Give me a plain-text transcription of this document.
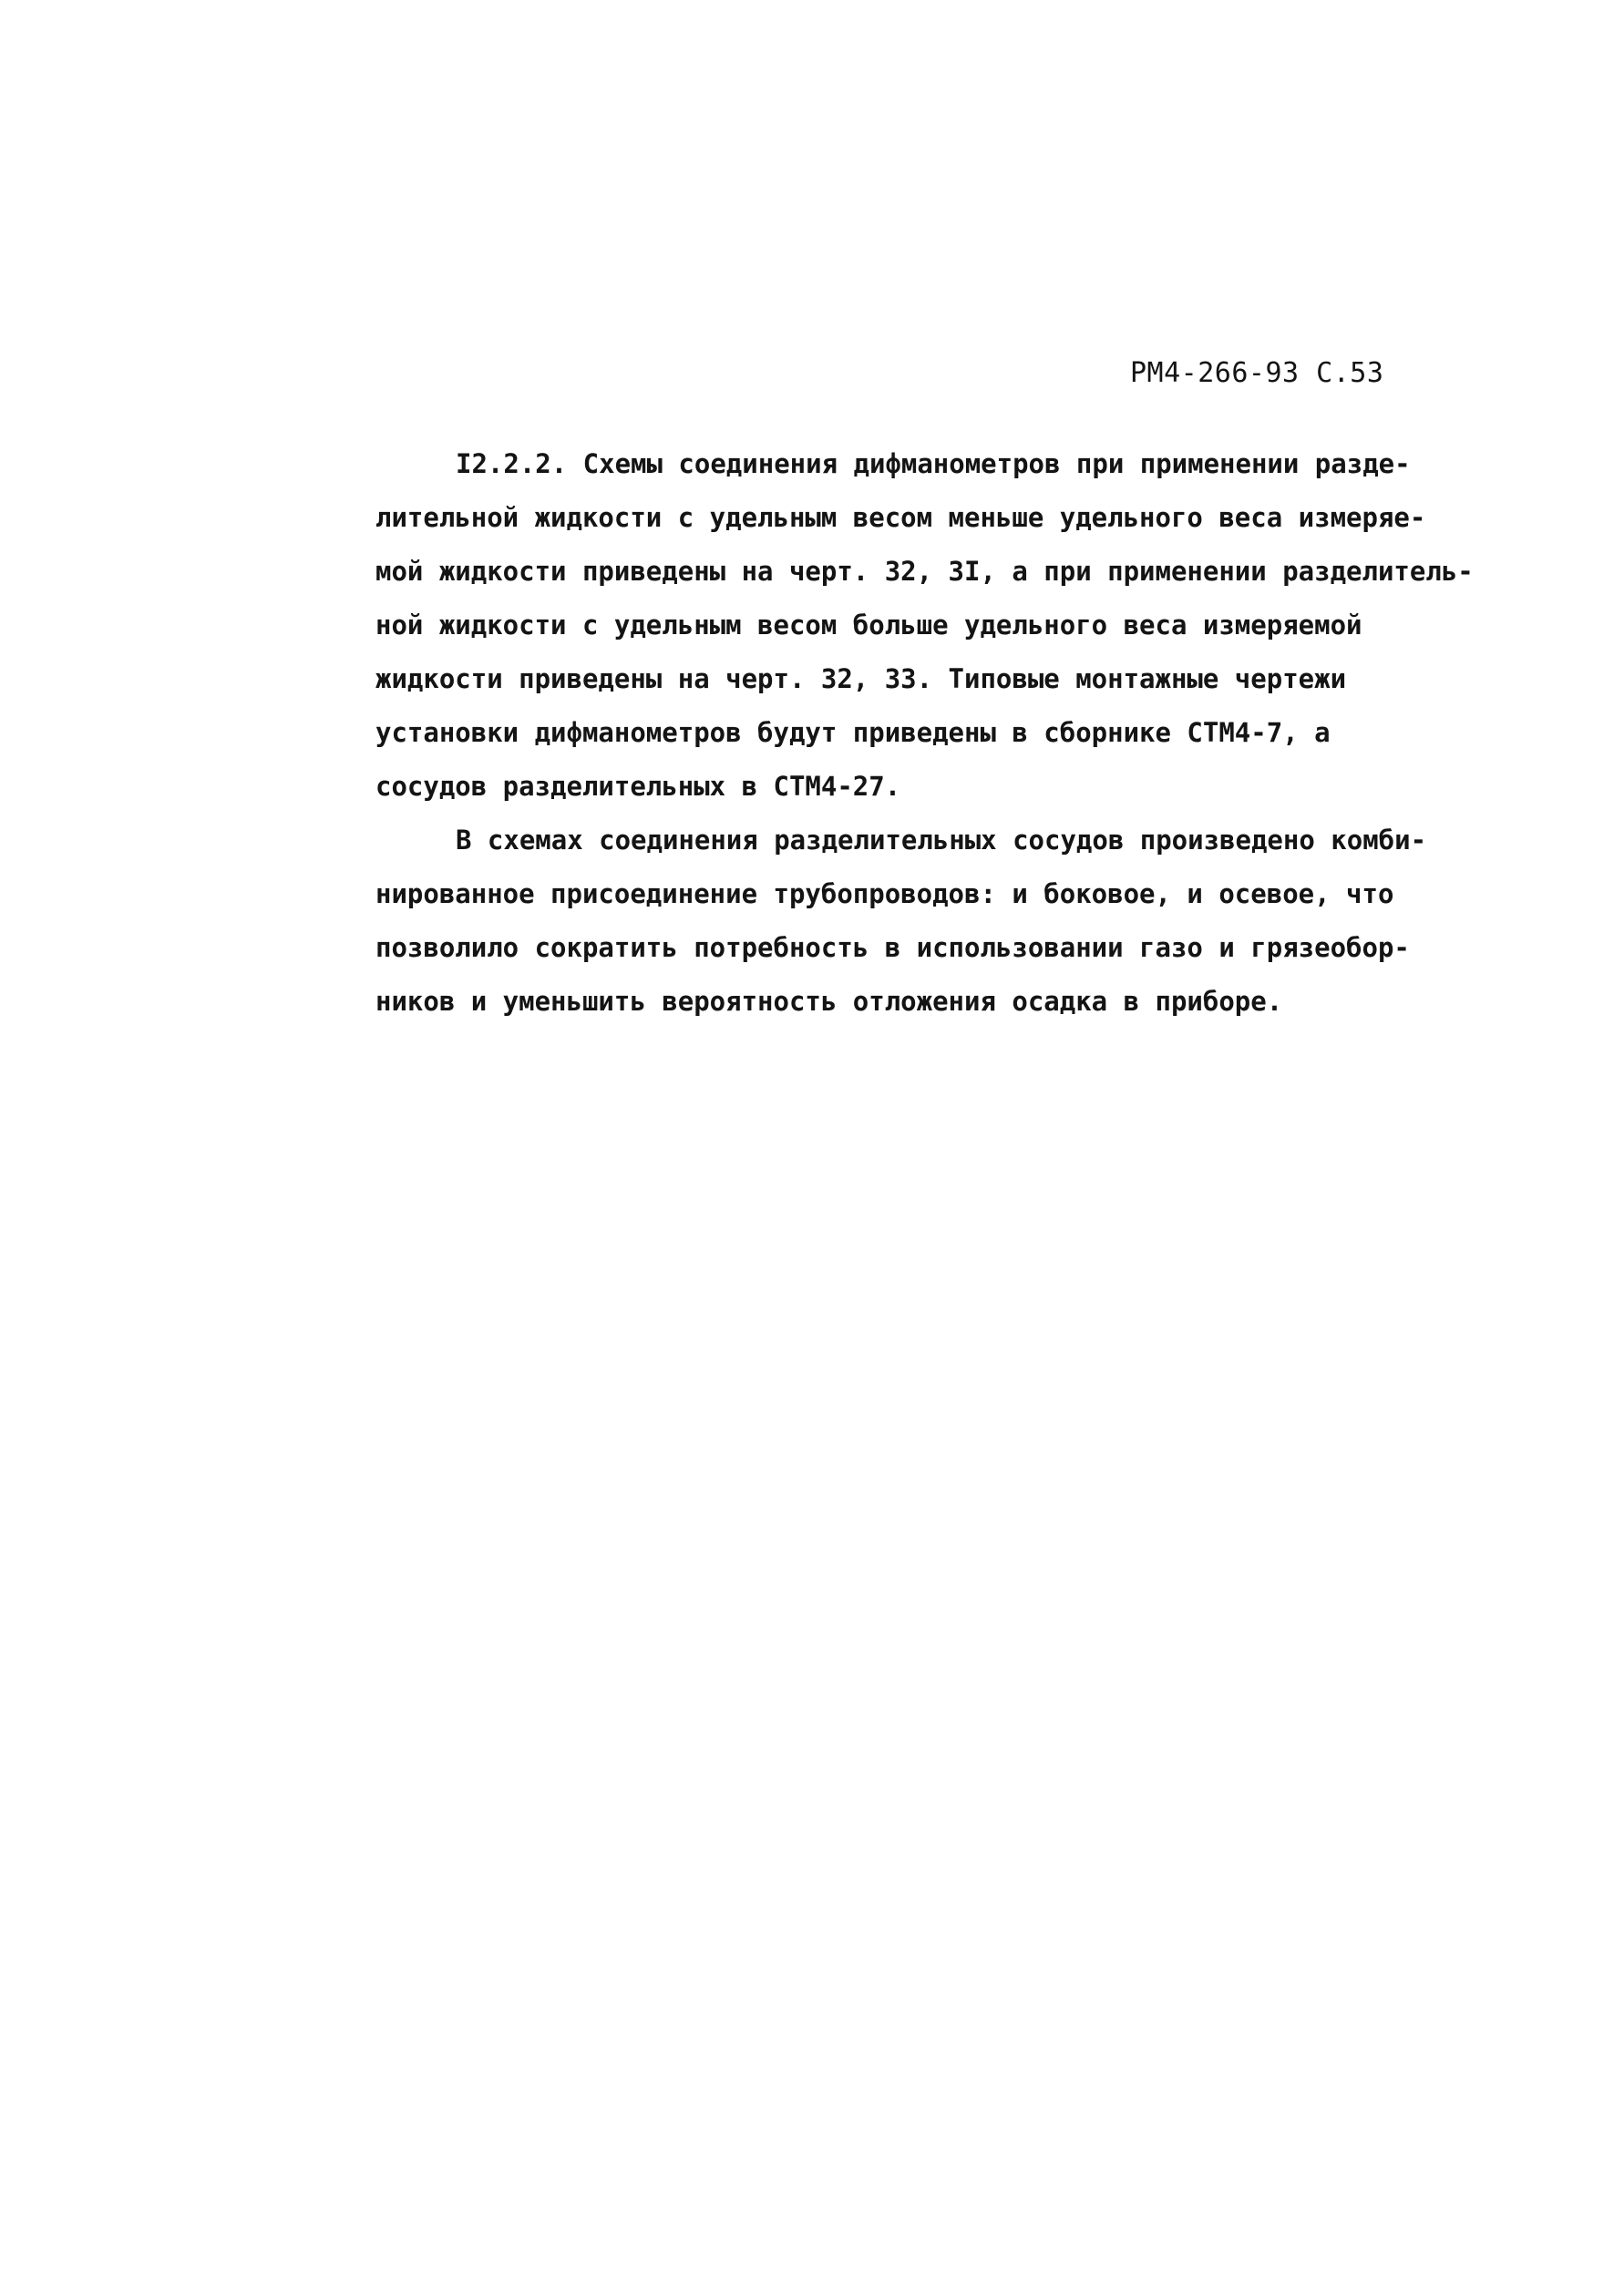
РМ4-266-93 С.53
I2.2.2. Схемы соединения дифманометров при применении разде-
лительной жидкости с удельным весом меньше удельного веса измеряе-
мой жидкости приведены на черт. 32, 3I, а при применении разделитель-
ной жидкости с удельным весом больше удельного веса измеряемой
жидкости приведены на черт. 32, 33. Типовые монтажные чертежи
установки дифманометров будут приведены в сборнике СТМ4-7, а
сосудов разделительных в СТМ4-27.
В схемах соединения разделительных сосудов произведено комби-
нированное присоединение трубопроводов: и боковое, и осевое, что
позволило сократить потребность в использовании газо и грязеобор-
ников и уменьшить вероятность отложения осадка в приборе.
